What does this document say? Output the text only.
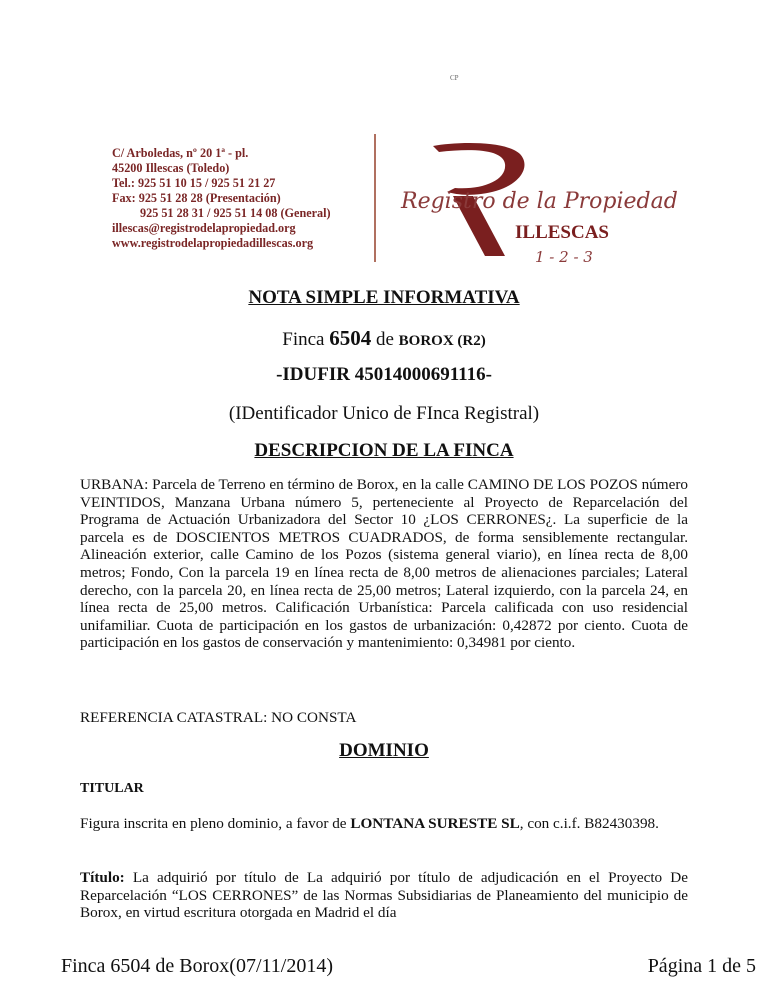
CP
C/ Arboledas, nº 20 1ª - pl.
45200 Illescas (Toledo)
Tel.: 925 51 10 15 / 925 51 21 27
Fax: 925 51 28 28 (Presentación)
925 51 28 31 / 925 51 14 08 (General)
illescas@registrodelapropiedad.org
www.registrodelapropiedadillescas.org
Registro de la Propiedad
ILLESCAS
1 - 2 - 3
NOTA SIMPLE INFORMATIVA
Finca 6504 de BOROX (R2)
-IDUFIR 45014000691116-
(IDentificador Unico de FInca Registral)
DESCRIPCION DE LA FINCA
URBANA: Parcela de Terreno en término de Borox, en la calle CAMINO DE LOS POZOS número VEINTIDOS, Manzana Urbana número 5, perteneciente al Proyecto de Reparcelación del Programa de Actuación Urbanizadora del Sector 10 ¿LOS CERRONES¿. La superficie de la parcela es de DOSCIENTOS METROS CUADRADOS, de forma sensiblemente rectangular. Alineación exterior, calle Camino de los Pozos (sistema general viario), en línea recta de 8,00 metros; Fondo, Con la parcela 19 en línea recta de 8,00 metros de alienaciones parciales; Lateral derecho, con la parcela 20, en línea recta de 25,00 metros; Lateral izquierdo, con la parcela 24, en línea recta de 25,00 metros. Calificación Urbanística: Parcela calificada con uso residencial unifamiliar. Cuota de participación en los gastos de urbanización: 0,42872 por ciento. Cuota de participación en los gastos de conservación y mantenimiento: 0,34981 por ciento.
REFERENCIA CATASTRAL: NO CONSTA
DOMINIO
TITULAR
Figura inscrita en pleno dominio, a favor de LONTANA SURESTE SL, con c.i.f. B82430398.
Título: La adquirió por título de La adquirió por título de adjudicación en el Proyecto De Reparcelación “LOS CERRONES” de las Normas Subsidiarias de Planeamiento del municipio de Borox, en virtud escritura otorgada en Madrid el día
Finca 6504 de Borox(07/11/2014)	Página 1 de 5
